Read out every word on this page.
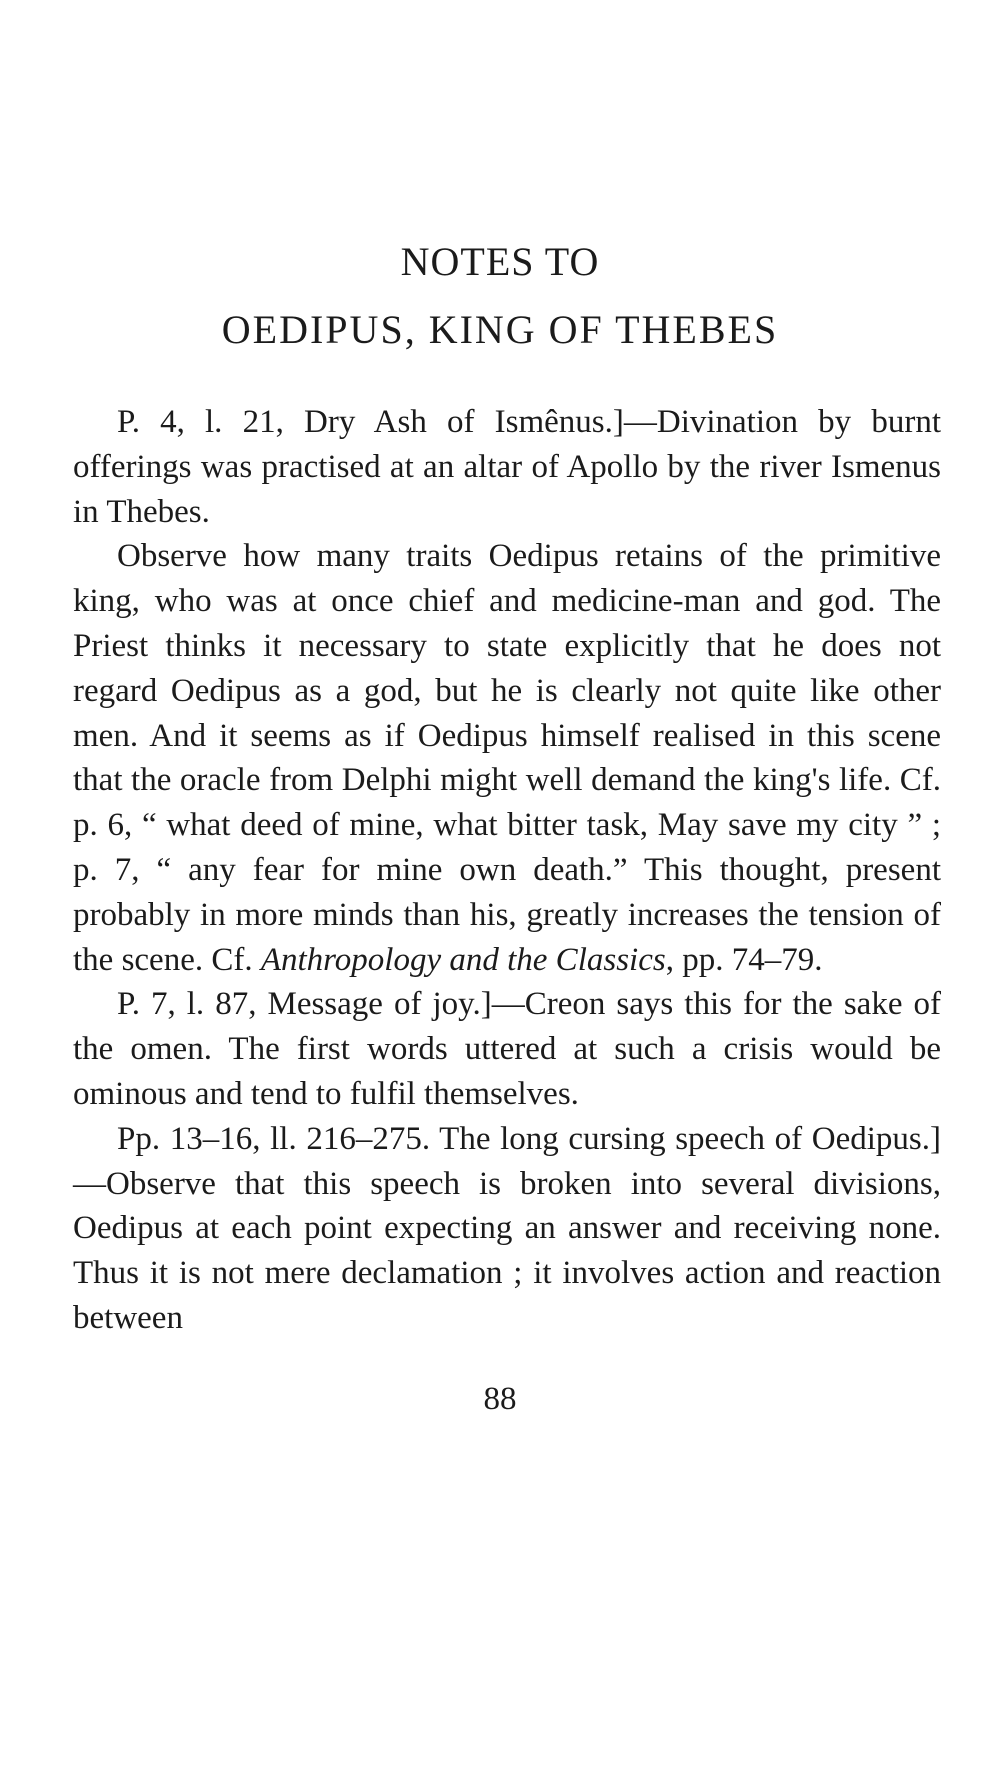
NOTES TO
OEDIPUS, KING OF THEBES

P. 4, l. 21, Dry Ash of Ismênus.]—Divination by burnt offerings was practised at an altar of Apollo by the river Ismenus in Thebes.

Observe how many traits Oedipus retains of the primitive king, who was at once chief and medicine-man and god. The Priest thinks it necessary to state explicitly that he does not regard Oedipus as a god, but he is clearly not quite like other men. And it seems as if Oedipus himself realised in this scene that the oracle from Delphi might well demand the king's life. Cf. p. 6, “ what deed of mine, what bitter task, May save my city ” ; p. 7, “ any fear for mine own death.” This thought, present probably in more minds than his, greatly increases the tension of the scene. Cf. Anthropology and the Classics, pp. 74–79.

P. 7, l. 87, Message of joy.]—Creon says this for the sake of the omen. The first words uttered at such a crisis would be ominous and tend to fulfil themselves.

Pp. 13–16, ll. 216–275. The long cursing speech of Oedipus.]—Observe that this speech is broken into several divisions, Oedipus at each point expecting an answer and receiving none. Thus it is not mere declamation ; it involves action and reaction between

88
